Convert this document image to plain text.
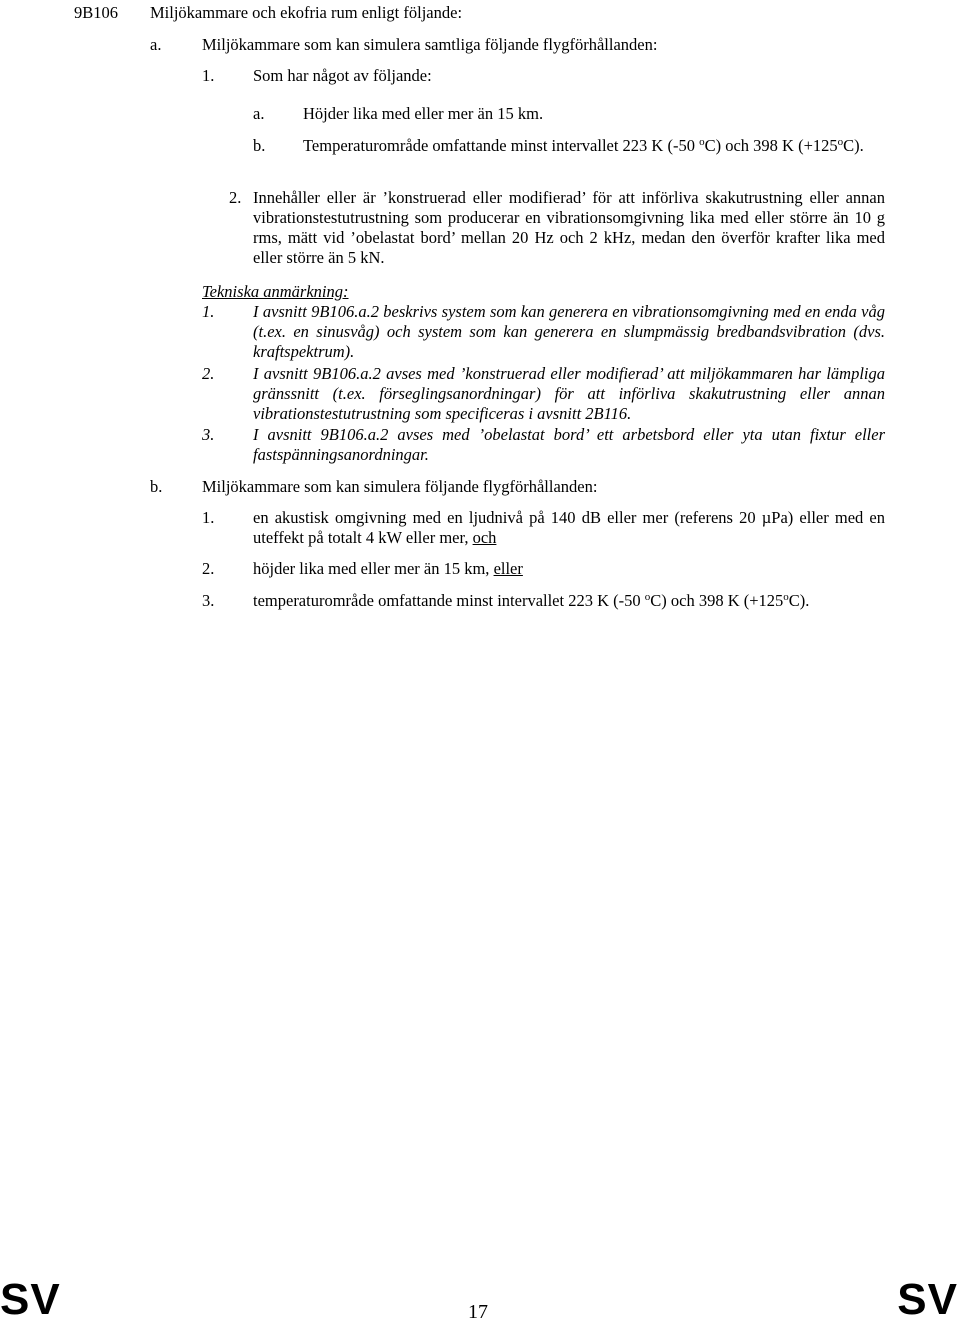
9B106 Miljökammare och ekofria rum enligt följande:
a. Miljökammare som kan simulera samtliga följande flygförhållanden:
1. Som har något av följande:
a. Höjder lika med eller mer än 15 km.
b. Temperaturområde omfattande minst intervallet 223 K (-50 $^o$C) och 398 K $(+125^oC)$.
2. Innehåller eller är ’konstruerad eller modifierad’ för att införliva skakutrustning eller annan vibrationstestutrustning som producerar en vibrationsomgivning lika med eller större än 10 g rms, mätt vid ’obelastat bord’ mellan 20 Hz och 2 kHz, medan den överför krafter lika med eller större än 5 kN.
Tekniska anmärkning:
1. I avsnitt 9B106.a.2 beskrivs system som kan generera en vibrationsomgivning med en enda våg (t.ex. en sinusvåg) och system som kan generera en slumpmässig bredbandsvibration (dvs. kraftspektrum).
2. I avsnitt 9B106.a.2 avses med ’konstruerad eller modifierad’ att miljökammaren har lämpliga gränssnitt (t.ex. förseglingsanordningar) för att införliva skakutrustning eller annan vibrationstestutrustning som specificeras i avsnitt 2B116.
3. I avsnitt 9B106.a.2 avses med ’obelastat bord’ ett arbetsbord eller yta utan fixtur eller fastspänningsanordningar.
b. Miljökammare som kan simulera följande flygförhållanden:
1. en akustisk omgivning med en ljudnivå på 140 dB eller mer (referens 20 µPa) eller med en uteffekt på totalt 4 kW eller mer, och
2. höjder lika med eller mer än 15 km, eller
3. temperaturområde omfattande minst intervallet 223 K (-50 $^o$C) och 398 K $(+125^oC)$.
SV	17	SV
